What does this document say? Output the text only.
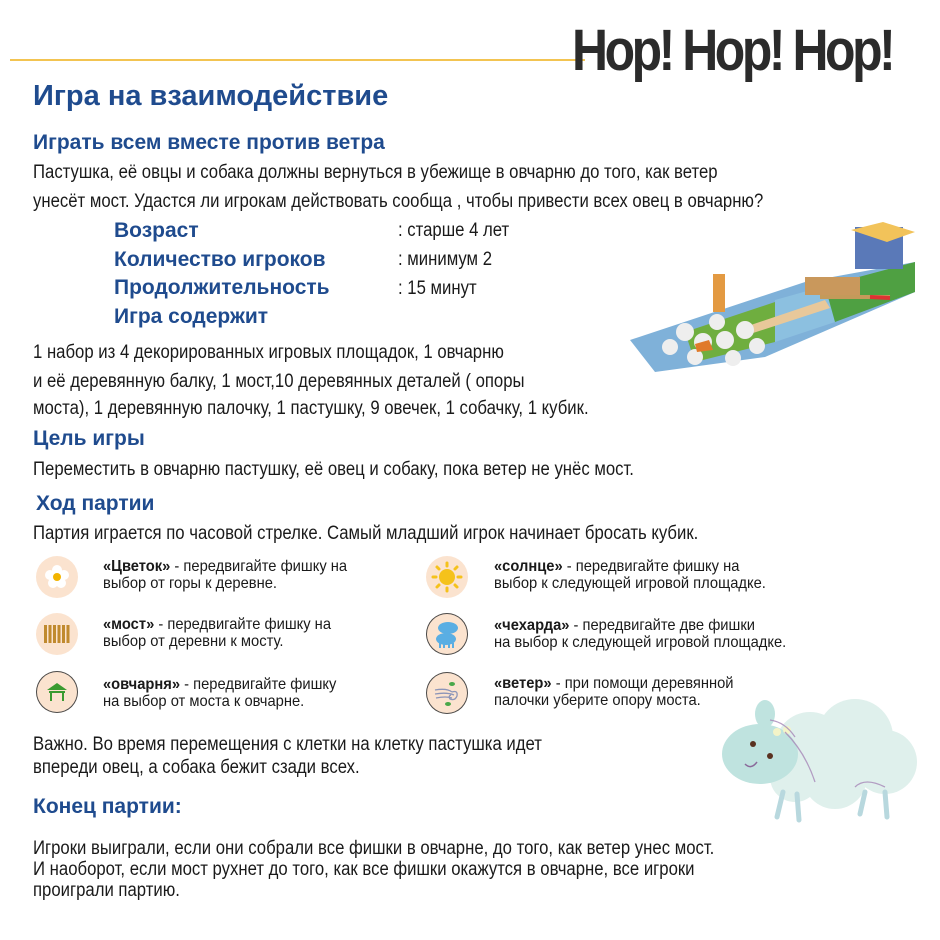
Hop! Hop! Hop!
Игра на взаимодействие
Играть всем вместе против ветра
Пастушка, её овцы и собака должны вернуться в убежище в овчарню до того, как ветер
унесёт мост. Удастся ли игрокам действовать сообща , чтобы привести всех овец в овчарню?
Возраст	: старше 4 лет
Количество игроков	: минимум 2
Продолжительность	: 15 минут
Игра содержит
1 набор из 4 декорированных игровых площадок, 1 овчарню
и её деревянную балку, 1 мост,10 деревянных деталей ( опоры
моста), 1 деревянную палочку, 1 пастушку, 9 овечек, 1 собачку, 1 кубик.
Цель игры
Переместить в овчарню пастушку, её овец и собаку, пока ветер не унёс мост.
Ход партии
Партия играется по часовой стрелке. Самый младший игрок начинает бросать кубик.
«Цветок» - передвигайте фишку на
выбор от горы к деревне.
«мост» - передвигайте фишку на
выбор от деревни к мосту.
«овчарня» - передвигайте фишку
на выбор от моста к овчарне.
«солнце» - передвигайте фишку на
выбор к следующей игровой площадке.
«чехарда» - передвигайте две фишки
на выбор к следующей игровой площадке.
«ветер» - при помощи деревянной
палочки уберите опору моста.
Важно. Во время перемещения с клетки на клетку пастушка идет
впереди овец, а собака бежит сзади всех.
Конец партии:
Игроки выиграли, если они собрали все фишки в овчарне, до того, как ветер унес мост.
И наоборот, если мост рухнет до того, как все фишки окажутся в овчарне, все игроки
проиграли партию.
